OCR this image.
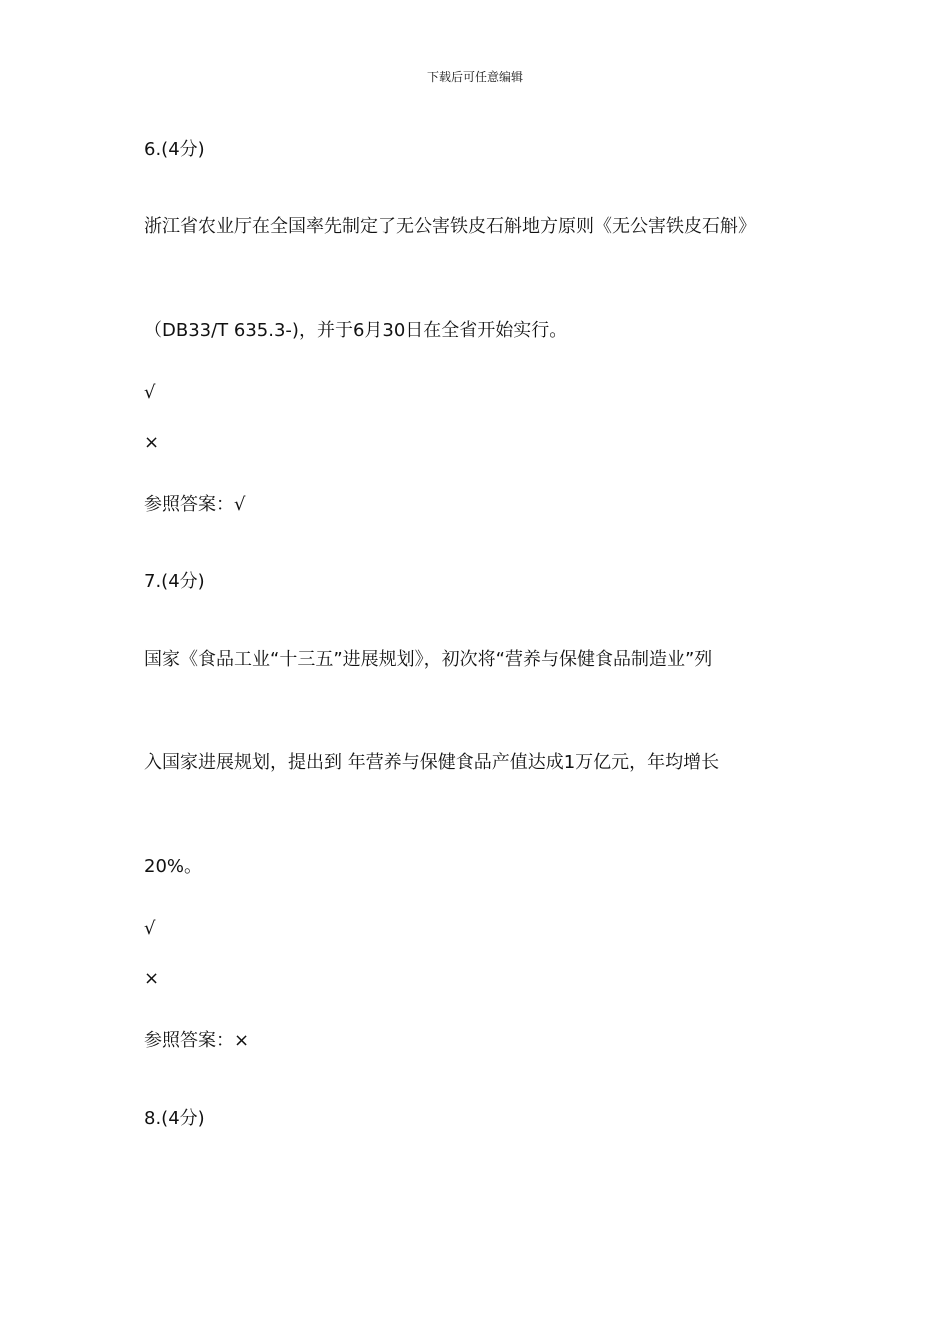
下载后可任意编辑
6.(4分)
浙江省农业厅在全国率先制定了无公害铁皮石斛地方原则《无公害铁皮石斛》
（DB33/T 635.3-)，并于6月30日在全省开始实行。
√
×
参照答案：√
7.(4分)
国家《食品工业“十三五”进展规划》，初次将“营养与保健食品制造业”列
入国家进展规划，提出到 年营养与保健食品产值达成1万亿元，年均增长
20%。
√
×
参照答案：×
8.(4分)
